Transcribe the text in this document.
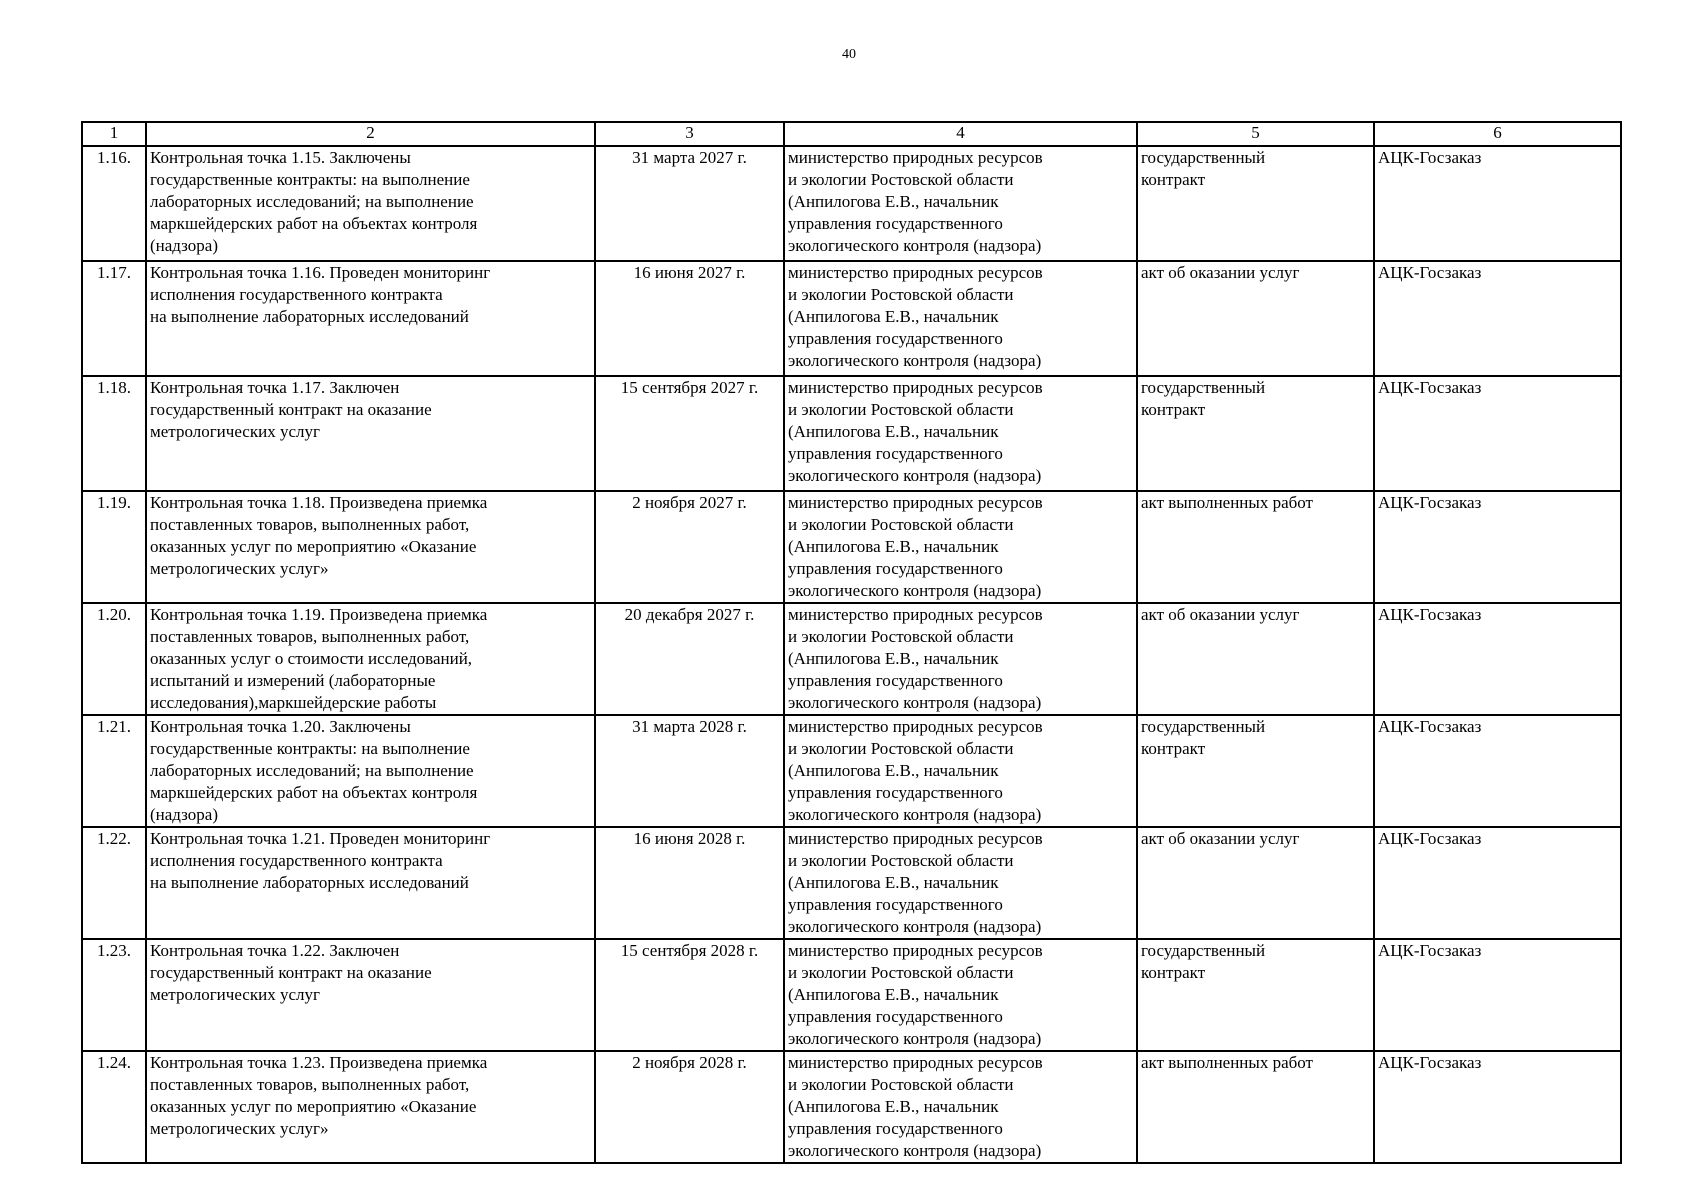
40
1	2	3	4	5	6
1.16.	Контрольная точка 1.15. Заключены
государственные контракты: на выполнение
лабораторных исследований; на выполнение
маркшейдерских работ на объектах контроля
(надзора)	31 марта 2027 г.	министерство природных ресурсов
и экологии Ростовской области
(Анпилогова Е.В., начальник
управления государственного
экологического контроля (надзора)	государственный
контракт	АЦК-Госзаказ
1.17.	Контрольная точка 1.16. Проведен мониторинг
исполнения государственного контракта
на выполнение лабораторных исследований	16 июня 2027 г.	министерство природных ресурсов
и экологии Ростовской области
(Анпилогова Е.В., начальник
управления государственного
экологического контроля (надзора)	акт об оказании услуг	АЦК-Госзаказ
1.18.	Контрольная точка 1.17. Заключен
государственный контракт на оказание
метрологических услуг	15 сентября 2027 г.	министерство природных ресурсов
и экологии Ростовской области
(Анпилогова Е.В., начальник
управления государственного
экологического контроля (надзора)	государственный
контракт	АЦК-Госзаказ
1.19.	Контрольная точка 1.18. Произведена приемка
поставленных товаров, выполненных работ,
оказанных услуг по мероприятию «Оказание
метрологических услуг»	2 ноября 2027 г.	министерство природных ресурсов
и экологии Ростовской области
(Анпилогова Е.В., начальник
управления государственного
экологического контроля (надзора)	акт выполненных работ	АЦК-Госзаказ
1.20.	Контрольная точка 1.19. Произведена приемка
поставленных товаров, выполненных работ,
оказанных услуг о стоимости исследований,
испытаний и измерений (лабораторные
исследования),маркшейдерские работы	20 декабря 2027 г.	министерство природных ресурсов
и экологии Ростовской области
(Анпилогова Е.В., начальник
управления государственного
экологического контроля (надзора)	акт об оказании услуг	АЦК-Госзаказ
1.21.	Контрольная точка 1.20. Заключены
государственные контракты: на выполнение
лабораторных исследований; на выполнение
маркшейдерских работ на объектах контроля
(надзора)	31 марта 2028 г.	министерство природных ресурсов
и экологии Ростовской области
(Анпилогова Е.В., начальник
управления государственного
экологического контроля (надзора)	государственный
контракт	АЦК-Госзаказ
1.22.	Контрольная точка 1.21. Проведен мониторинг
исполнения государственного контракта
на выполнение лабораторных исследований	16 июня 2028 г.	министерство природных ресурсов
и экологии Ростовской области
(Анпилогова Е.В., начальник
управления государственного
экологического контроля (надзора)	акт об оказании услуг	АЦК-Госзаказ
1.23.	Контрольная точка 1.22. Заключен
государственный контракт на оказание
метрологических услуг	15 сентября 2028 г.	министерство природных ресурсов
и экологии Ростовской области
(Анпилогова Е.В., начальник
управления государственного
экологического контроля (надзора)	государственный
контракт	АЦК-Госзаказ
1.24.	Контрольная точка 1.23. Произведена приемка
поставленных товаров, выполненных работ,
оказанных услуг по мероприятию «Оказание
метрологических услуг»	2 ноября 2028 г.	министерство природных ресурсов
и экологии Ростовской области
(Анпилогова Е.В., начальник
управления государственного
экологического контроля (надзора)	акт выполненных работ	АЦК-Госзаказ
